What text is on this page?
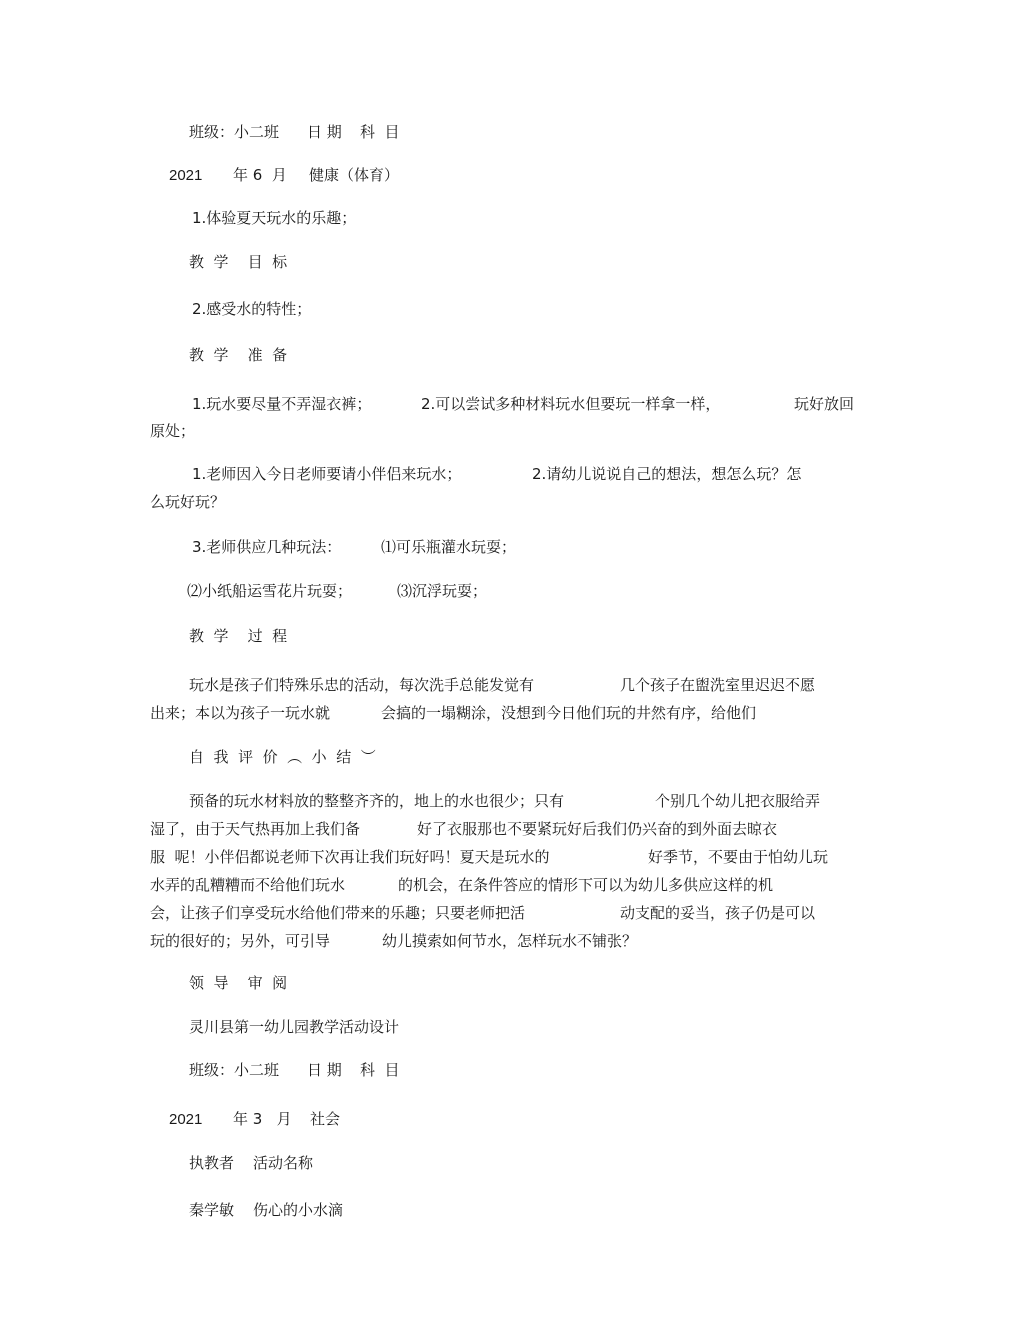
班级：小二班 日 期 科  目
2021 年 6  月 健康（体育）
1.体验夏天玩水的乐趣；
教  学    目  标
2.感受水的特性；
教  学    准  备
1.玩水要尽量不弄湿衣裤；	2.可以尝试多种材料玩水但要玩一样拿一样，	玩好放回
原处；
1.老师因入今日老师要请小伴侣来玩水；	2.请幼儿说说自己的想法，想怎么玩？怎
么玩好玩？
3.老师供应几种玩法：	⑴可乐瓶灌水玩耍；
⑵小纸船运雪花片玩耍；	⑶沉浮玩耍；
教  学    过  程
玩水是孩子们特殊乐忠的活动，每次洗手总能发觉有	几个孩子在盥洗室里迟迟不愿
出来；本以为孩子一玩水就	会搞的一塌糊涂，没想到今日他们玩的井然有序，给他们
自  我  评  价  ︵  小  结  ︶
预备的玩水材料放的整整齐齐的，地上的水也很少；只有	个别几个幼儿把衣服给弄
湿了，由于天气热再加上我们备	好了衣服那也不要紧玩好后我们仍兴奋的到外面去晾衣
服  呢！小伴侣都说老师下次再让我们玩好吗！夏天是玩水的	好季节，不要由于怕幼儿玩
水弄的乱糟糟而不给他们玩水	的机会，在条件答应的情形下可以为幼儿多供应这样的机
会，让孩子们享受玩水给他们带来的乐趣；只要老师把活	动支配的妥当，孩子仍是可以
玩的很好的；另外，可引导	幼儿摸索如何节水，怎样玩水不铺张？
领  导    审  阅
灵川县第一幼儿园教学活动设计
班级：小二班 日 期 科  目
2021 年 3   月 社会
执教者 活动名称
秦学敏 伤心的小水滴
